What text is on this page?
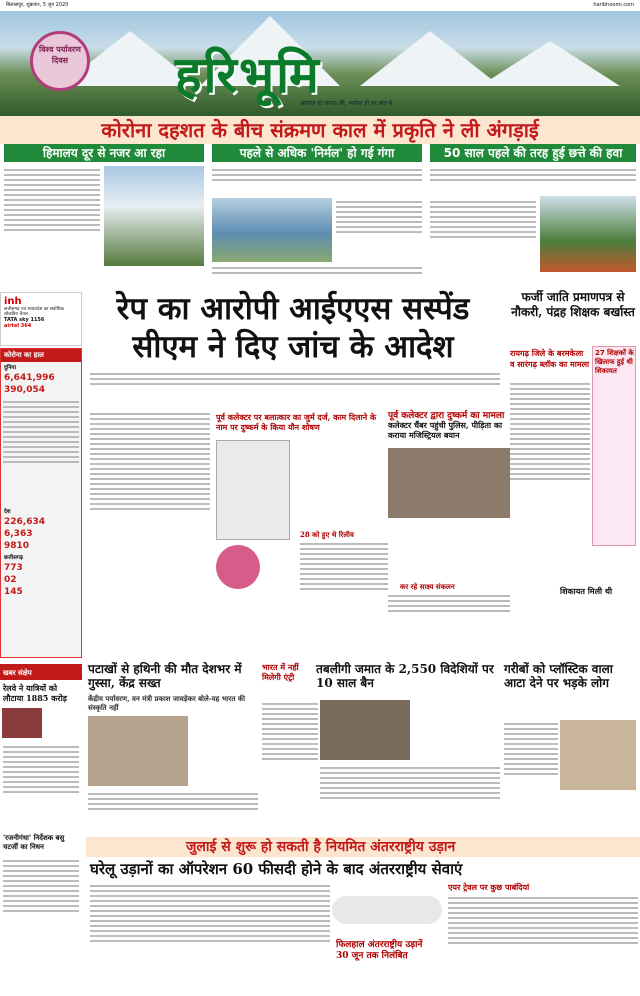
बिलासपुर, शुक्रवार, 5 जून 2020	haribhoomi.com
विश्व पर्यावरण दिवस	हरिभूमि
आवाज़ हो जनता की, भरोसा हो हर बात में
कोरोना दहशत के बीच संक्रमण काल में प्रकृति ने ली अंगड़ाई
हिमालय दूर से नजर आ रहा	पहले से अधिक 'निर्मल' हो गई गंगा	50 साल पहले की तरह हुई छत्ते की हवा
inh
छत्तीसगढ़ एवं मध्यप्रदेश का सर्वाधिक लोकप्रिय चैनल
TATA sky 1156
airtel 364
कोरोना का हाल
दुनिया
6,641,996
390,054
देश
226,634
6,363
9810
छत्तीसगढ़
773
02
145
रेप का आरोपी आईएएस सस्पेंड सीएम ने दिए जांच के आदेश
पूर्व कलेक्टर द्वारा दुष्कर्म का मामला
कलेक्टर चैंबर पहुंची पुलिस, पीड़िता का कराया मजिस्ट्रियल बयान
पूर्व कलेक्टर पर बलात्कार का जुर्म दर्ज, काम दिलाने के नाम पर दुष्कर्म के किया यौन शोषण
28 को हुए थे रिलीव
कर रहे साक्ष्य संकलन
फर्जी जाति प्रमाणपत्र से नौकरी, पंद्रह शिक्षक बर्खास्त
रायगढ़ जिले के बरमकेला व सारंगढ़ ब्लॉक का मामला
27 शिक्षकों के खिलाफ हुई थी शिकायत
शिकायत मिली थी
पटाखों से हथिनी की मौत देशभर में गुस्सा, केंद्र सख्त
केंद्रीय पर्यावरण, वन मंत्री प्रकाश जावड़ेकर बोले-यह भारत की संस्कृति नहीं
भारत में नहीं मिलेगी एंट्री
तबलीगी जमात के 2,550 विदेशियों पर 10 साल बैन
गरीबों को प्लॉस्टिक वाला आटा देने पर भड़के लोग
खबर संक्षेप
रेलवे ने यात्रियों को लौटाया 1885 करोड़
'रजनीगंधा' निर्देशक बसु चटर्जी का निधन	जुलाई से शुरू हो सकती है नियमित अंतरराष्ट्रीय उड़ान
घरेलू उड़ानों का ऑपरेशन 60 फीसदी होने के बाद अंतरराष्ट्रीय सेवाएं
एयर ट्रेवल पर कुछ पाबंदियां
फिलहाल अंतरराष्ट्रीय उड़ानें 30 जून तक निलंबित
